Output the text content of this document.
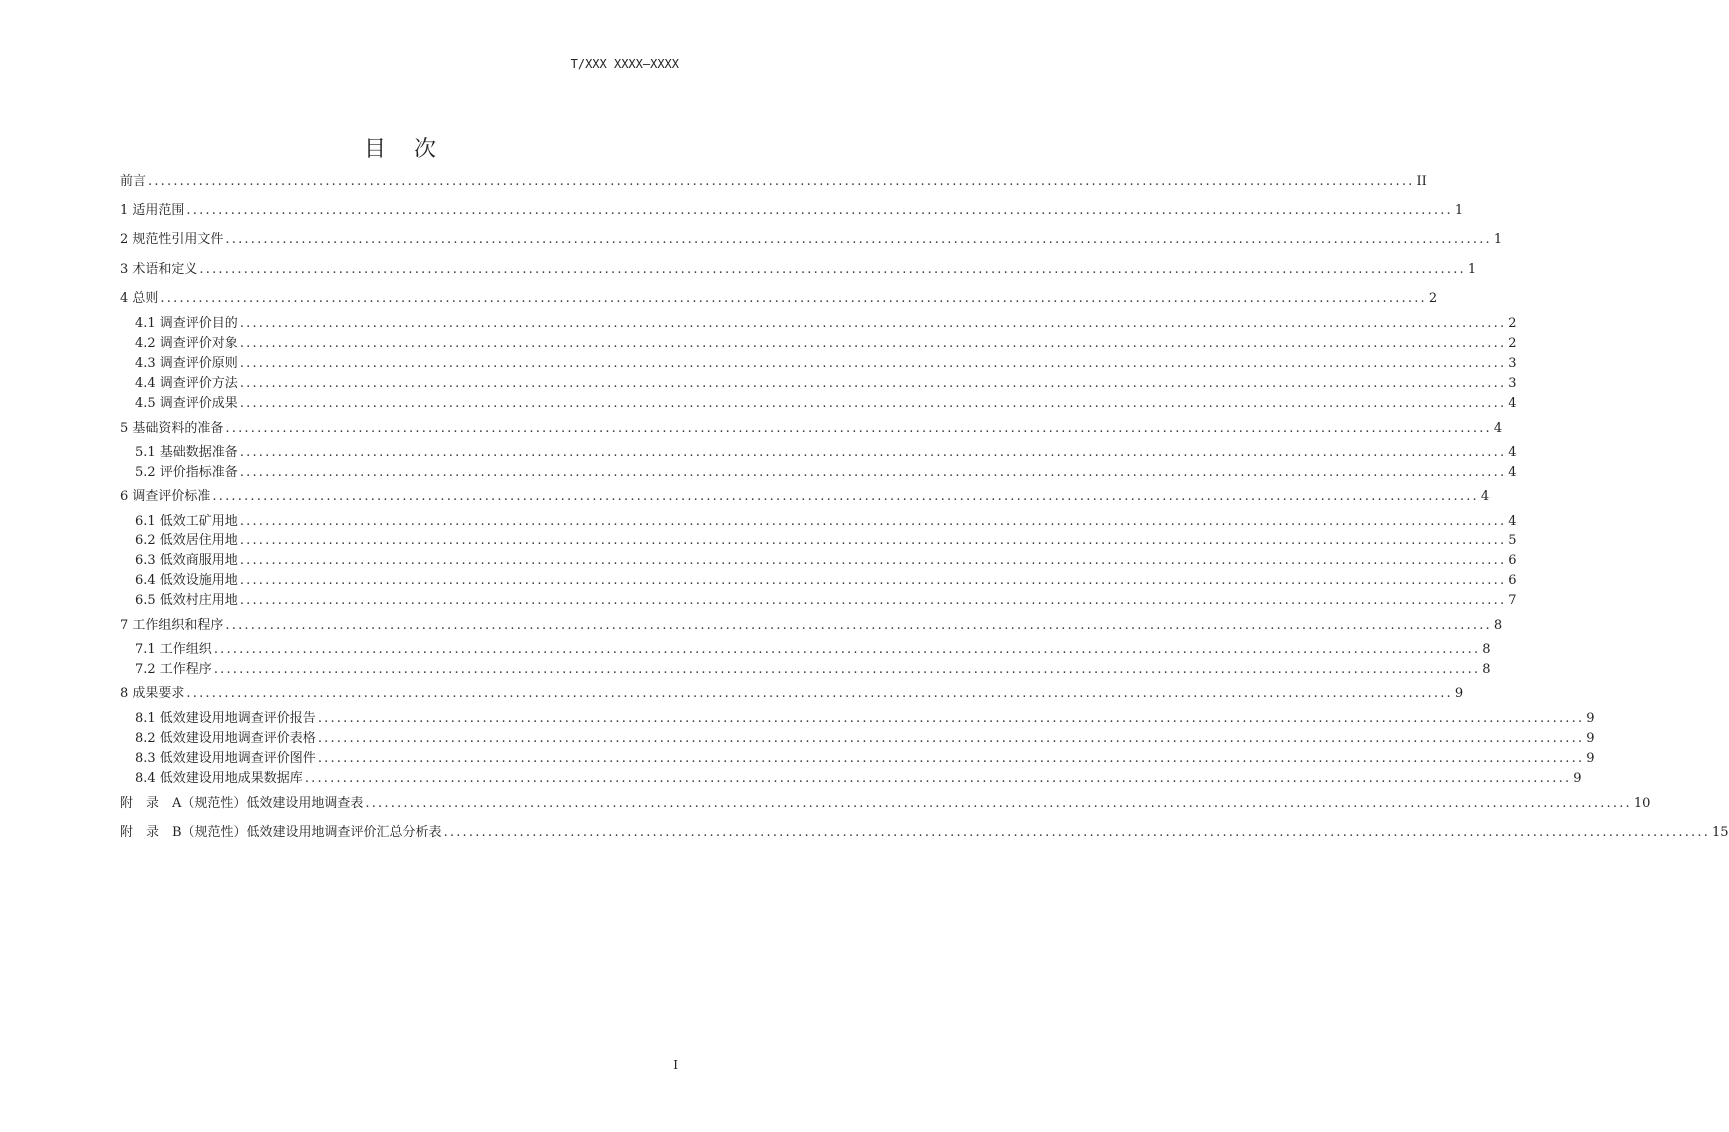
T/XXX XXXX—XXXX
目 次
前言 ........................................................................................................................................................................................................ II
1 适用范围 ........................................................................................................................................................................................................ 1
2 规范性引用文件 ........................................................................................................................................................................................................ 1
3 术语和定义 ........................................................................................................................................................................................................ 1
4 总则 ........................................................................................................................................................................................................ 2
4.1 调查评价目的 ........................................................................................................................................................................................................ 2
4.2 调查评价对象 ........................................................................................................................................................................................................ 2
4.3 调查评价原则 ........................................................................................................................................................................................................ 3
4.4 调查评价方法 ........................................................................................................................................................................................................ 3
4.5 调查评价成果 ........................................................................................................................................................................................................ 4
5 基础资料的准备 ........................................................................................................................................................................................................ 4
5.1 基础数据准备 ........................................................................................................................................................................................................ 4
5.2 评价指标准备 ........................................................................................................................................................................................................ 4
6 调查评价标准 ........................................................................................................................................................................................................ 4
6.1 低效工矿用地 ........................................................................................................................................................................................................ 4
6.2 低效居住用地 ........................................................................................................................................................................................................ 5
6.3 低效商服用地 ........................................................................................................................................................................................................ 6
6.4 低效设施用地 ........................................................................................................................................................................................................ 6
6.5 低效村庄用地 ........................................................................................................................................................................................................ 7
7 工作组织和程序 ........................................................................................................................................................................................................ 8
7.1 工作组织 ........................................................................................................................................................................................................ 8
7.2 工作程序 ........................................................................................................................................................................................................ 8
8 成果要求 ........................................................................................................................................................................................................ 9
8.1 低效建设用地调查评价报告 ........................................................................................................................................................................................................ 9
8.2 低效建设用地调查评价表格 ........................................................................................................................................................................................................ 9
8.3 低效建设用地调查评价图件 ........................................................................................................................................................................................................ 9
8.4 低效建设用地成果数据库 ........................................................................................................................................................................................................ 9
附　录　A（规范性）低效建设用地调查表 ........................................................................................................................................................................................................ 10
附　录　B（规范性）低效建设用地调查评价汇总分析表 ........................................................................................................................................................................................................ 15
I
